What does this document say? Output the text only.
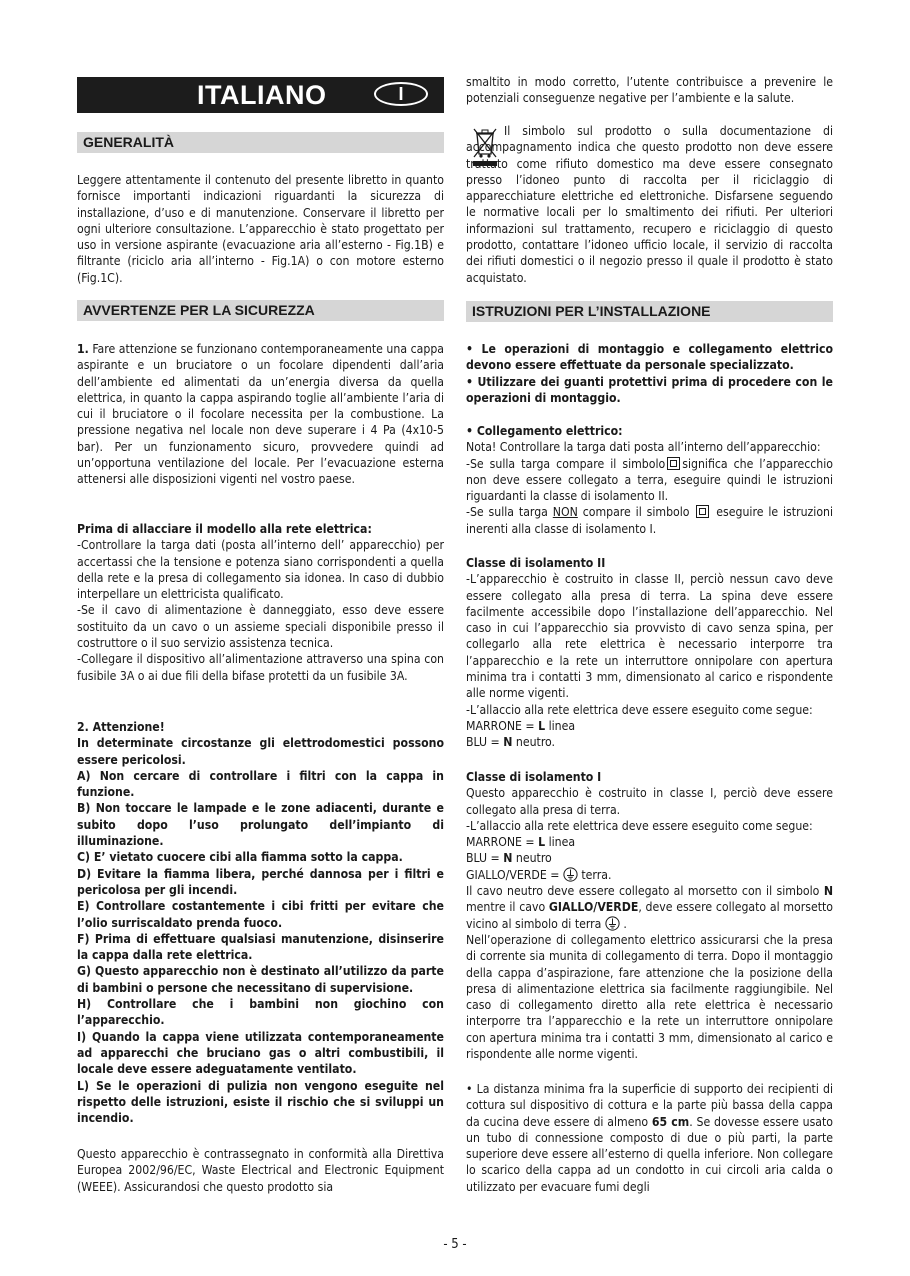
ITALIANO	I
GENERALITÀ

Leggere attentamente il contenuto del presente libretto in quanto fornisce importanti indicazioni riguardanti la sicurezza di installazione, d’uso e di manutenzione. Conservare il libretto per ogni ulteriore consultazione. L’apparecchio è stato progettato per uso in versione aspirante (evacuazione aria all’esterno - Fig.1B) e filtrante (riciclo aria all’interno - Fig.1A) o con motore esterno (Fig.1C).

AVVERTENZE PER LA SICUREZZA

1. Fare attenzione se funzionano contemporaneamente una cappa aspirante e un bruciatore o un focolare dipendenti dall’aria dell’ambiente ed alimentati da un’energia diversa da quella elettrica, in quanto la cappa aspirando toglie all’ambiente l’aria di cui il bruciatore o il focolare necessita per la combustione. La pressione negativa nel locale non deve superare i 4 Pa (4x10-5 bar). Per un funzionamento sicuro, provvedere quindi ad un’opportuna ventilazione del locale. Per l’evacuazione esterna attenersi alle disposizioni vigenti nel vostro paese.

Prima di allacciare il modello alla rete elettrica:

-Controllare la targa dati (posta all’interno dell’ apparecchio) per accertassi che la tensione e potenza siano corrispondenti a quella della rete e la presa di collegamento sia idonea. In caso di dubbio interpellare un elettricista qualificato.

-Se il cavo di alimentazione è danneggiato, esso deve essere sostituito da un cavo o un assieme speciali disponibile presso il costruttore o il suo servizio assistenza tecnica.

-Collegare il dispositivo all’alimentazione attraverso una spina con fusibile 3A o ai due fili della bifase protetti da un fusibile 3A.

2. Attenzione!

In determinate circostanze gli elettrodomestici possono essere pericolosi.

A) Non cercare di controllare i filtri con la cappa in funzione.

B) Non toccare le lampade e le zone adiacenti, durante e subito dopo l’uso prolungato dell’impianto di illuminazione.

C) E’ vietato cuocere cibi alla fiamma sotto la cappa.

D) Evitare la fiamma libera, perché dannosa per i filtri e pericolosa per gli incendi.

E) Controllare costantemente i cibi fritti per evitare che l’olio surriscaldato prenda fuoco.

F) Prima di effettuare qualsiasi manutenzione, disinserire la cappa dalla rete elettrica.

G) Questo apparecchio non è destinato all’utilizzo da parte di bambini o persone che necessitano di supervisione.

H) Controllare che i bambini non giochino con l’apparecchio.

I) Quando la cappa viene utilizzata contemporaneamente ad apparecchi che bruciano gas o altri combustibili, il locale deve essere adeguatamente ventilato.

L) Se le operazioni di pulizia non vengono eseguite nel rispetto delle istruzioni, esiste il rischio che si sviluppi un incendio.

Questo apparecchio è contrassegnato in conformità alla Direttiva Europea 2002/96/EC, Waste Electrical and Electronic Equipment (WEEE). Assicurandosi che questo prodotto sia

smaltito in modo corretto, l’utente contribuisce a prevenire le potenziali conseguenze negative per l’ambiente e la salute.

Il simbolo sul prodotto o sulla documentazione di accompagnamento indica che questo prodotto non deve essere trattato come rifiuto domestico ma deve essere consegnato presso l’idoneo punto di raccolta per il riciclaggio di apparecchiature elettriche ed elettroniche. Disfarsene seguendo le normative locali per lo smaltimento dei rifiuti. Per ulteriori informazioni sul trattamento, recupero e riciclaggio di questo prodotto, contattare l’idoneo ufficio locale, il servizio di raccolta dei rifiuti domestici o il negozio presso il quale il prodotto è stato acquistato.

ISTRUZIONI PER L’INSTALLAZIONE

• Le operazioni di montaggio e collegamento elettrico devono essere effettuate da personale specializzato.

• Utilizzare dei guanti protettivi prima di procedere con le operazioni di montaggio.

• Collegamento elettrico:

Nota! Controllare la targa dati posta all’interno dell’apparecchio:

-Se sulla targa compare il simbolo significa che l’apparecchio non deve essere collegato a terra, eseguire quindi le istruzioni riguardanti la classe di isolamento II.

-Se sulla targa NON compare il simbolo eseguire le istruzioni inerenti alla classe di isolamento I.

Classe di isolamento II

-L’apparecchio è costruito in classe II, perciò nessun cavo deve essere collegato alla presa di terra. La spina deve essere facilmente accessibile dopo l’installazione dell’apparecchio. Nel caso in cui l’apparecchio sia provvisto di cavo senza spina, per collegarlo alla rete elettrica è necessario interporre tra l’apparecchio e la rete un interruttore onnipolare con apertura minima tra i contatti 3 mm, dimensionato al carico e rispondente alle norme vigenti.

-L’allaccio alla rete elettrica deve essere eseguito come segue:

MARRONE = L linea

BLU = N neutro.

Classe di isolamento I

Questo apparecchio è costruito in classe I, perciò deve essere collegato alla presa di terra.

-L’allaccio alla rete elettrica deve essere eseguito come segue:

MARRONE = L linea

BLU = N neutro

GIALLO/VERDE =  terra.

Il cavo neutro deve essere collegato al morsetto con il simbolo N mentre il cavo GIALLO/VERDE, deve essere collegato al morsetto vicino al simbolo di terra  .

Nell’operazione di collegamento elettrico assicurarsi che la presa di corrente sia munita di collegamento di terra. Dopo il montaggio della cappa d’aspirazione, fare attenzione che la posizione della presa di alimentazione elettrica sia facilmente raggiungibile. Nel caso di collegamento diretto alla rete elettrica è necessario interporre tra l’apparecchio e la rete un interruttore onnipolare con apertura minima tra i contatti 3 mm, dimensionato al carico e rispondente alle norme vigenti.

• La distanza minima fra la superficie di supporto dei recipienti di cottura sul dispositivo di cottura e la parte più bassa della cappa da cucina deve essere di almeno 65 cm. Se dovesse essere usato un tubo di connessione composto di due o più parti, la parte superiore deve essere all’esterno di quella inferiore. Non collegare lo scarico della cappa ad un condotto in cui circoli aria calda o utilizzato per evacuare fumi degli

- 5 -
